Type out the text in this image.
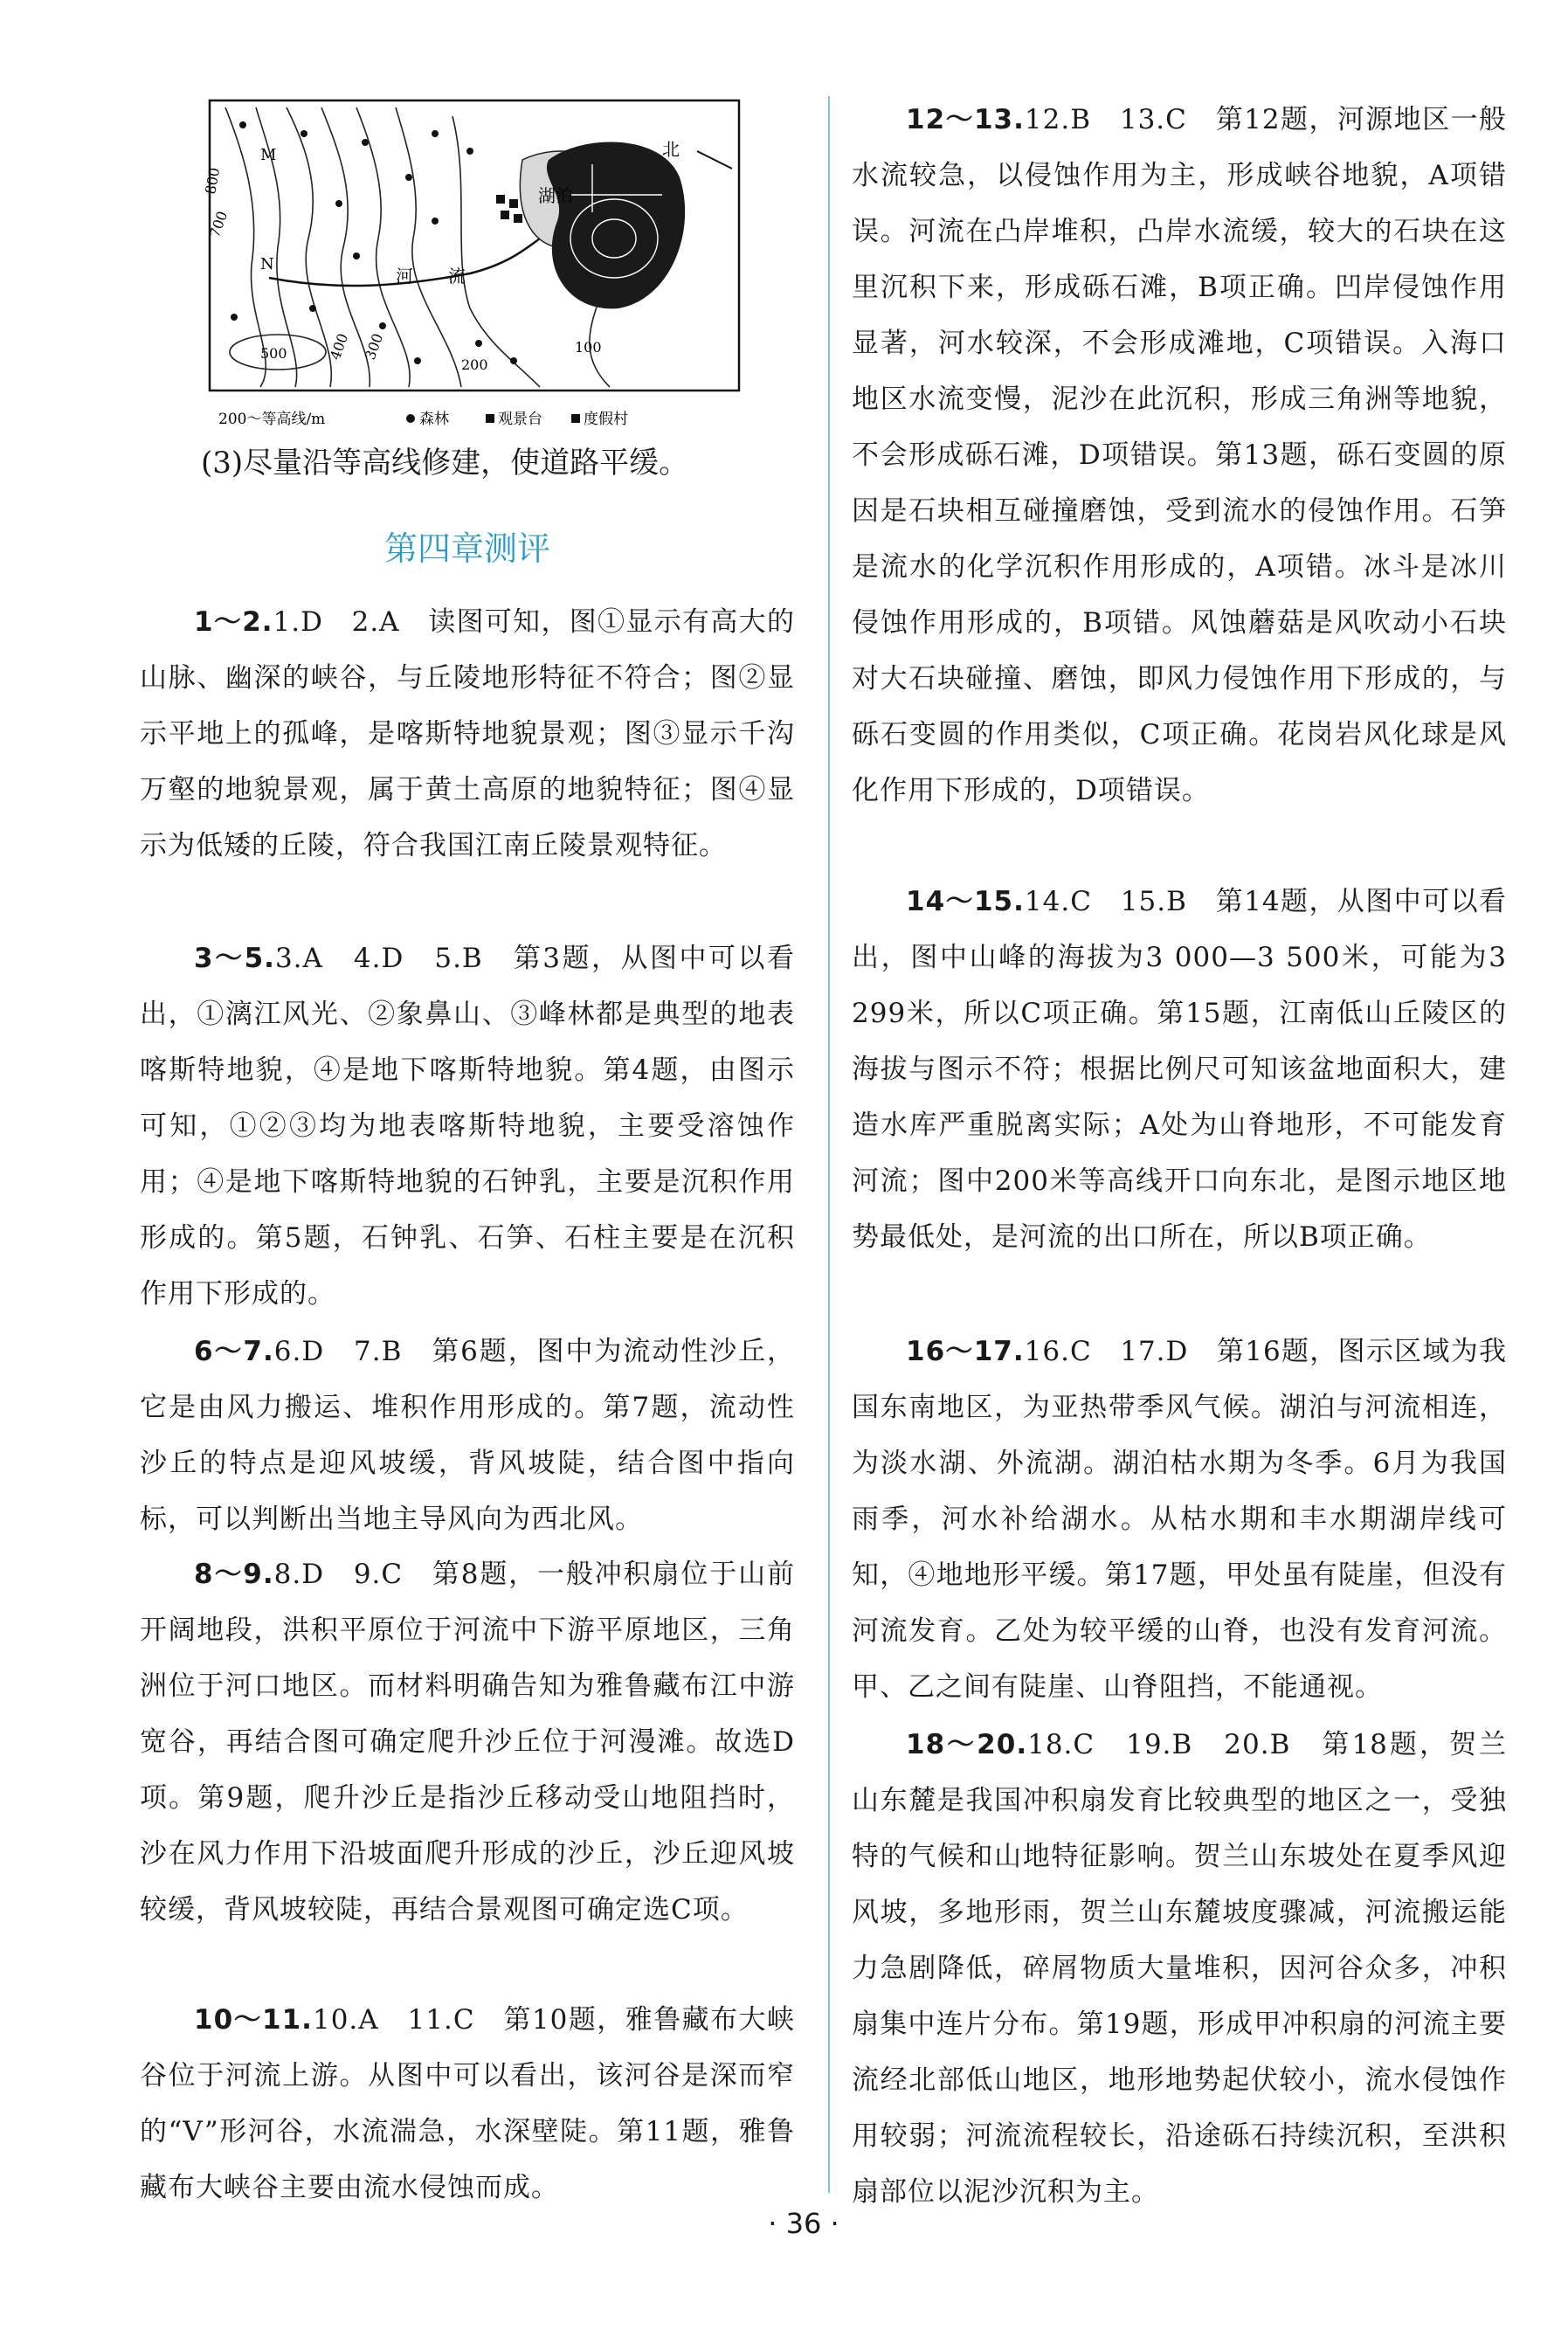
北
M
N
河 流
湖泊
800
700
500	400 300
200
100
200～等高线/m	森林	观景台	度假村
(3)尽量沿等高线修建，使道路平缓。
第四章测评
1～2.1.D　2.A　读图可知，图①显示有高大的山脉、幽深的峡谷，与丘陵地形特征不符合；图②显示平地上的孤峰，是喀斯特地貌景观；图③显示千沟万壑的地貌景观，属于黄土高原的地貌特征；图④显示为低矮的丘陵，符合我国江南丘陵景观特征。
3～5.3.A　4.D　5.B　第3题，从图中可以看出，①漓江风光、②象鼻山、③峰林都是典型的地表喀斯特地貌，④是地下喀斯特地貌。第4题，由图示可知，①②③均为地表喀斯特地貌，主要受溶蚀作用；④是地下喀斯特地貌的石钟乳，主要是沉积作用形成的。第5题，石钟乳、石笋、石柱主要是在沉积作用下形成的。
6～7.6.D　7.B　第6题，图中为流动性沙丘，它是由风力搬运、堆积作用形成的。第7题，流动性沙丘的特点是迎风坡缓，背风坡陡，结合图中指向标，可以判断出当地主导风向为西北风。
8～9.8.D　9.C　第8题，一般冲积扇位于山前开阔地段，洪积平原位于河流中下游平原地区，三角洲位于河口地区。而材料明确告知为雅鲁藏布江中游宽谷，再结合图可确定爬升沙丘位于河漫滩。故选D项。第9题，爬升沙丘是指沙丘移动受山地阻挡时，沙在风力作用下沿坡面爬升形成的沙丘，沙丘迎风坡较缓，背风坡较陡，再结合景观图可确定选C项。
10～11.10.A　11.C　第10题，雅鲁藏布大峡谷位于河流上游。从图中可以看出，该河谷是深而窄的“V”形河谷，水流湍急，水深壁陡。第11题，雅鲁藏布大峡谷主要由流水侵蚀而成。
12～13.12.B　13.C　第12题，河源地区一般水流较急，以侵蚀作用为主，形成峡谷地貌，A项错误。河流在凸岸堆积，凸岸水流缓，较大的石块在这里沉积下来，形成砾石滩，B项正确。凹岸侵蚀作用显著，河水较深，不会形成滩地，C项错误。入海口地区水流变慢，泥沙在此沉积，形成三角洲等地貌，不会形成砾石滩，D项错误。第13题，砾石变圆的原因是石块相互碰撞磨蚀，受到流水的侵蚀作用。石笋是流水的化学沉积作用形成的，A项错。冰斗是冰川侵蚀作用形成的，B项错。风蚀蘑菇是风吹动小石块对大石块碰撞、磨蚀，即风力侵蚀作用下形成的，与砾石变圆的作用类似，C项正确。花岗岩风化球是风化作用下形成的，D项错误。
14～15.14.C　15.B　第14题，从图中可以看出，图中山峰的海拔为3 000—3 500米，可能为3 299米，所以C项正确。第15题，江南低山丘陵区的海拔与图示不符；根据比例尺可知该盆地面积大，建造水库严重脱离实际；A处为山脊地形，不可能发育河流；图中200米等高线开口向东北，是图示地区地势最低处，是河流的出口所在，所以B项正确。
16～17.16.C　17.D　第16题，图示区域为我国东南地区，为亚热带季风气候。湖泊与河流相连，为淡水湖、外流湖。湖泊枯水期为冬季。6月为我国雨季，河水补给湖水。从枯水期和丰水期湖岸线可知，④地地形平缓。第17题，甲处虽有陡崖，但没有河流发育。乙处为较平缓的山脊，也没有发育河流。甲、乙之间有陡崖、山脊阻挡，不能通视。
18～20.18.C　19.B　20.B　第18题，贺兰山东麓是我国冲积扇发育比较典型的地区之一，受独特的气候和山地特征影响。贺兰山东坡处在夏季风迎风坡，多地形雨，贺兰山东麓坡度骤减，河流搬运能力急剧降低，碎屑物质大量堆积，因河谷众多，冲积扇集中连片分布。第19题，形成甲冲积扇的河流主要流经北部低山地区，地形地势起伏较小，流水侵蚀作用较弱；河流流程较长，沿途砾石持续沉积，至洪积扇部位以泥沙沉积为主。
· 36 ·
